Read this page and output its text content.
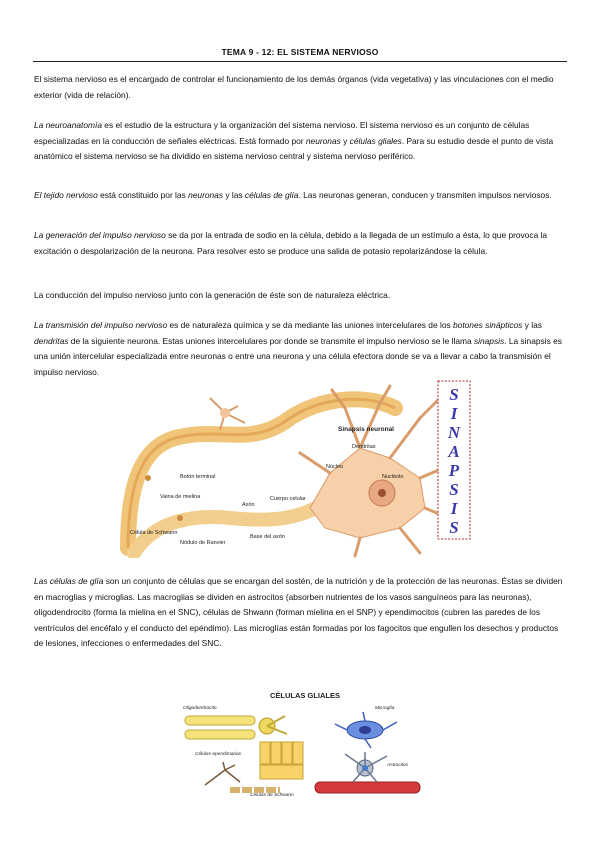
TEMA 9 - 12: EL SISTEMA NERVIOSO

El sistema nervioso es el encargado de controlar el funcionamiento de los demás órganos (vida vegetativa) y las vinculaciones con el medio exterior (vida de relación).

La neuroanatomía es el estudio de la estructura y la organización del sistema nervioso. El sistema nervioso es un conjunto de células especializadas en la conducción de señales eléctricas. Está formado por neuronas y células gliales. Para su estudio desde el punto de vista anatómico el sistema nervioso se ha dividido en sistema nervioso central y sistema nervioso periférico.

El tejido nervioso está constituido por las neuronas y las células de glía. Las neuronas generan, conducen y transmiten impulsos nerviosos.

La generación del impulso nervioso se da por la entrada de sodio en la célula, debido a la llegada de un estímulo a ésta, lo que provoca la excitación o despolarización de la neurona. Para resolver esto se produce una salida de potasio repolarizándose la célula.

La conducción del impulso nervioso junto con la generación de éste son de naturaleza eléctrica.

La transmisión del impulso nervioso es de naturaleza química y se da mediante las uniones intercelulares de los botones sinápticos y las dendritas de la siguiente neurona. Estas uniones intercelulares por donde se transmite el impulso nervioso se le llama sinapsis. La sinapsis es una unión intercelular especializada entre neuronas o entre una neurona y una célula efectora donde se va a llevar a cabo la transmisión el impulso nervioso.

Sinapsis neuronal
Dendritas
Núcleo
Nucléolo
Botón terminal
Vaina de mielina
Axón
Cuerpo celular
Célula de Schwann
Nódulo de Ranvier
Base del axón
S
I
N
A
P
S
I
S

Las células de glía son un conjunto de células que se encargan del sostén, de la nutrición y de la protección de las neuronas. Éstas se dividen en macroglias y microglias. Las macroglias se dividen en astrocitos (absorben nutrientes de los vasos sanguíneos para las neuronas), oligodendrocito (forma la mielina en el SNC), células de Shwann (forman mielina en el SNP) y ependimocitos (cubren las paredes de los ventrículos del encéfalo y el conducto del epéndimo). Las microglías están formadas por los fagocitos que engullen los desechos y productos de lesiones, infecciones o enfermedades del SNC.

CÉLULAS GLIALES
Oligodendrocito	Microglía
Células ependimarias
Astrocitos
Células de Schwann
